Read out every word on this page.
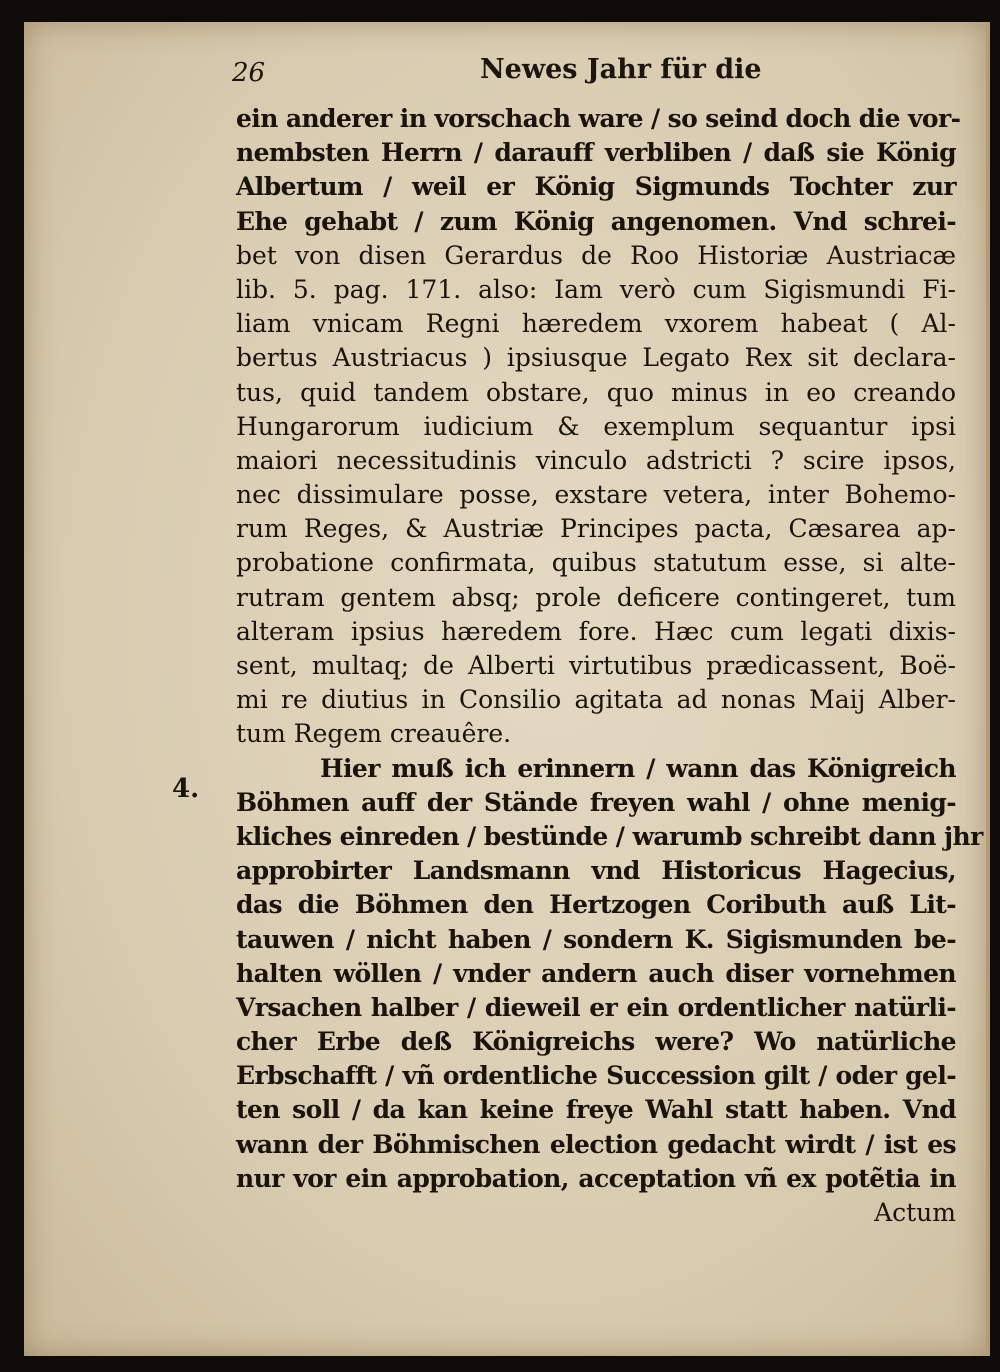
26	Newes Jahr für die
4.
ein anderer in vorschach ware / so seind doch die vor-
nembsten Herrn / darauff verbliben / daß sie König
Albertum / weil er König Sigmunds Tochter zur
Ehe gehabt / zum König angenomen. Vnd schrei-
bet von disen Gerardus de Roo Historiæ Austriacæ
lib. 5. pag. 171. also: Iam verò cum Sigismundi Fi-
liam vnicam Regni hæredem vxorem habeat ( Al-
bertus Austriacus ) ipsiusque Legato Rex sit declara-
tus, quid tandem obstare, quo minus in eo creando
Hungarorum iudicium & exemplum sequantur ipsi
maiori necessitudinis vinculo adstricti ? scire ipsos,
nec dissimulare posse, exstare vetera, inter Bohemo-
rum Reges, & Austriæ Principes pacta, Cæsarea ap-
probatione confirmata, quibus statutum esse, si alte-
rutram gentem absq; prole deficere contingeret, tum
alteram ipsius hæredem fore. Hæc cum legati dixis-
sent, multaq; de Alberti virtutibus prædicassent, Boë-
mi re diutius in Consilio agitata ad nonas Maij Alber-
tum Regem creauêre.
Hier muß ich erinnern / wann das Königreich
Böhmen auff der Stände freyen wahl / ohne menig-
kliches einreden / bestünde / warumb schreibt dann jhr
approbirter Landsmann vnd Historicus Hagecius,
das die Böhmen den Hertzogen Coributh auß Lit-
tauwen / nicht haben / sondern K. Sigismunden be-
halten wöllen / vnder andern auch diser vornehmen
Vrsachen halber / dieweil er ein ordentlicher natürli-
cher Erbe deß Königreichs were? Wo natürliche
Erbschafft / vñ ordentliche Succession gilt / oder gel-
ten soll / da kan keine freye Wahl statt haben. Vnd
wann der Böhmischen election gedacht wirdt / ist es
nur vor ein approbation, acceptation vñ ex potẽtia in
Actum
